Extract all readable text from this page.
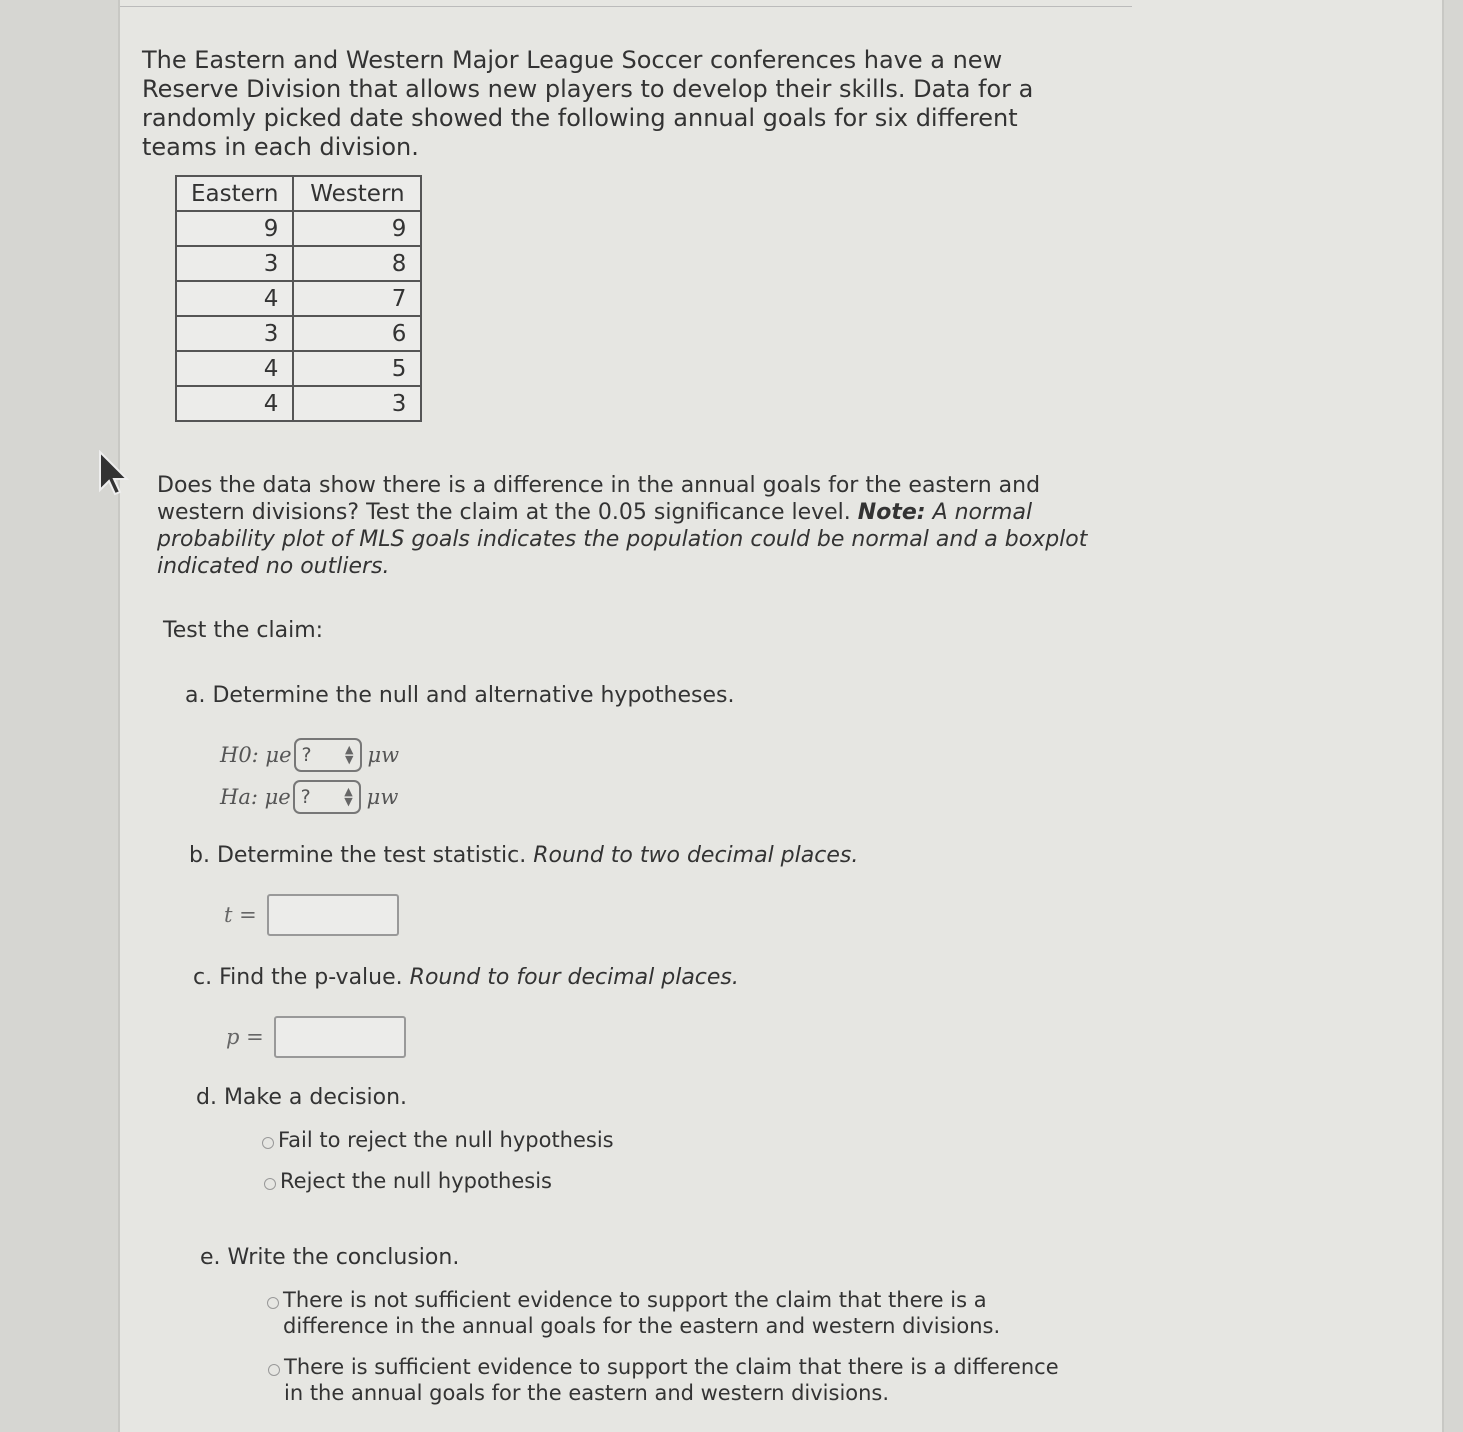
The Eastern and Western Major League Soccer conferences have a new Reserve Division that allows new players to develop their skills. Data for a randomly picked date showed the following annual goals for six different teams in each division.
Eastern	Western
9	9
3	8
4	7
3	6
4	5
4	3
Does the data show there is a difference in the annual goals for the eastern and western divisions? Test the claim at the 0.05 significance level. Note: A normal probability plot of MLS goals indicates the population could be normal and a boxplot indicated no outliers.
Test the claim:
a. Determine the null and alternative hypotheses.
H0: μe ?	▲
▼ μw
Ha: μe ?	▲
▼ μw
b. Determine the test statistic. Round to two decimal places.
t =
c. Find the p-value. Round to four decimal places.
p =
d. Make a decision.
Fail to reject the null hypothesis
Reject the null hypothesis
e. Write the conclusion.
There is not sufficient evidence to support the claim that there is a difference in the annual goals for the eastern and western divisions.
There is sufficient evidence to support the claim that there is a difference in the annual goals for the eastern and western divisions.
